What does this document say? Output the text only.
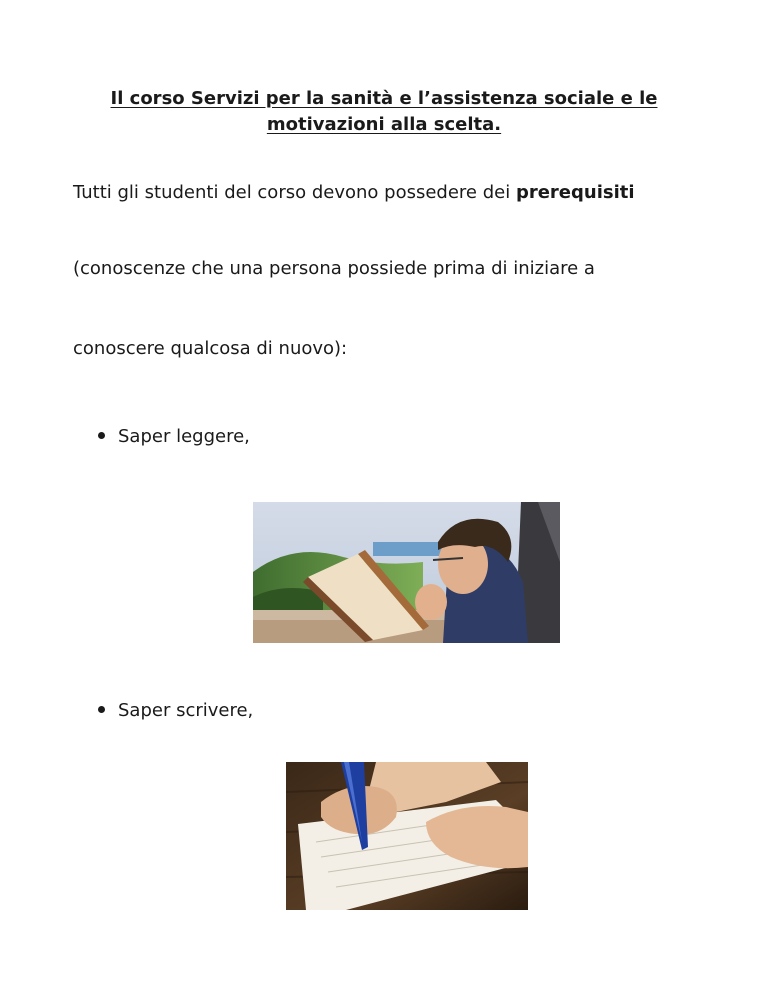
Il corso Servizi per la sanità e l’assistenza sociale e le motivazioni alla scelta.
Tutti gli studenti del corso devono possedere dei prerequisiti
(conoscenze che una persona possiede prima di iniziare a
conoscere qualcosa di nuovo):
Saper leggere,
Saper scrivere,
